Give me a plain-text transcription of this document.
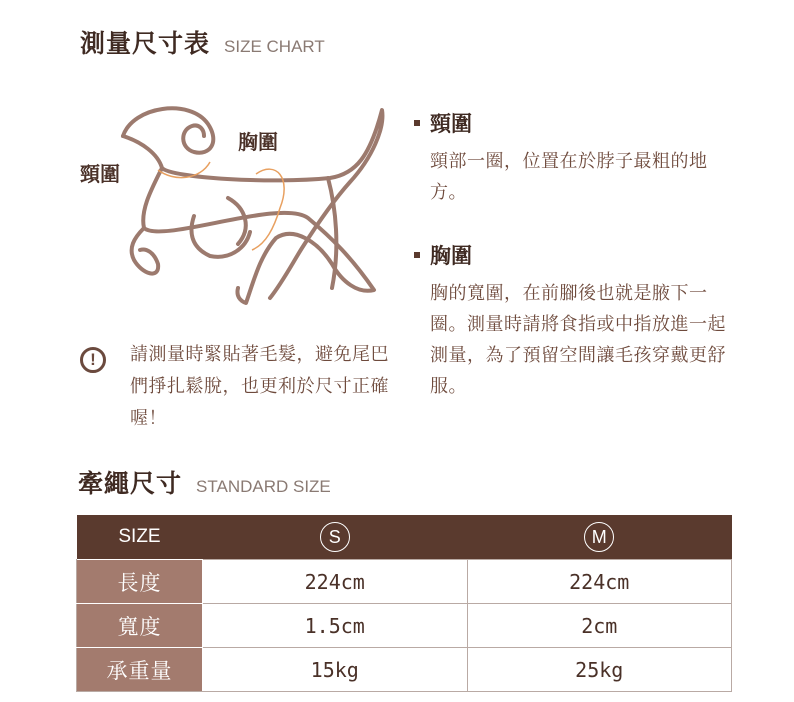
測量尺寸表 SIZE CHART
頸圍
胸圍
頸圍
頸部一圈，位置在於脖子最粗的地方。
胸圍
胸的寬圍，在前腳後也就是腋下一圈。測量時請將食指或中指放進一起測量，為了預留空間讓毛孩穿戴更舒服。
!	請測量時緊貼著毛髮，避免尾巴們掙扎鬆脫，也更利於尺寸正確喔！
牽繩尺寸 STANDARD SIZE
SIZE	S	M
長度	224cm	224cm
寬度	1.5cm	2cm
承重量	15kg	25kg
